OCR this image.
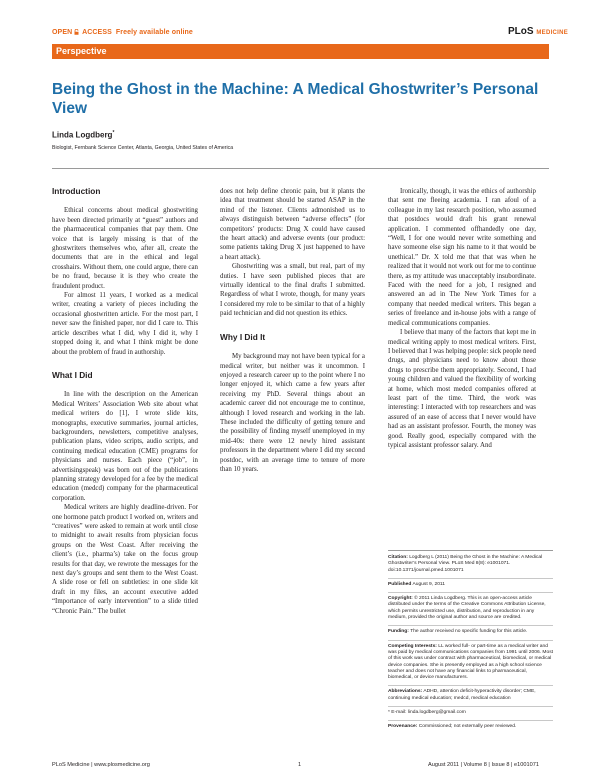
OPEN ACCESS Freely available online	PLoS MEDICINE
Perspective
Being the Ghost in the Machine: A Medical Ghostwriter’s Personal View
Linda Logdberg*
Biologist, Fernbank Science Center, Atlanta, Georgia, United States of America
Introduction

Ethical concerns about medical ghostwriting have been directed primarily at “guest” authors and the pharmaceutical companies that pay them. One voice that is largely missing is that of the ghostwriters themselves who, after all, create the documents that are in the ethical and legal crosshairs. Without them, one could argue, there can be no fraud, because it is they who create the fraudulent product.

For almost 11 years, I worked as a medical writer, creating a variety of pieces including the occasional ghostwritten article. For the most part, I never saw the finished paper, nor did I care to. This article describes what I did, why I did it, why I stopped doing it, and what I think might be done about the problem of fraud in authorship.

What I Did

In line with the description on the American Medical Writers’ Association Web site about what medical writers do [1], I wrote slide kits, monographs, executive summaries, journal articles, backgrounders, newsletters, competitive analyses, publication plans, video scripts, audio scripts, and continuing medical education (CME) programs for physicians and nurses. Each piece (“job”, in advertisingspeak) was born out of the publications planning strategy developed for a fee by the medical education (medcd) company for the pharmaceutical corporation.

Medical writers are highly deadline-driven. For one hormone patch product I worked on, writers and “creatives” were asked to remain at work until close to midnight to await results from physician focus groups on the West Coast. After receiving the client’s (i.e., pharma’s) take on the focus group results for that day, we rewrote the messages for the next day’s groups and sent them to the West Coast. A slide rose or fell on subtleties: in one slide kit draft in my files, an account executive added “Importance of early intervention” to a slide titled “Chronic Pain.” The bullet

does not help define chronic pain, but it plants the idea that treatment should be started ASAP in the mind of the listener. Clients admonished us to always distinguish between “adverse effects” (for competitors’ products: Drug X could have caused the heart attack) and adverse events (our product: some patients taking Drug X just happened to have a heart attack).

Ghostwriting was a small, but real, part of my duties. I have seen published pieces that are virtually identical to the final drafts I submitted. Regardless of what I wrote, though, for many years I considered my role to be similar to that of a highly paid technician and did not question its ethics.

Why I Did It

My background may not have been typical for a medical writer, but neither was it uncommon. I enjoyed a research career up to the point where I no longer enjoyed it, which came a few years after receiving my PhD. Several things about an academic career did not encourage me to continue, although I loved research and working in the lab. These included the difficulty of getting tenure and the possibility of finding myself unemployed in my mid-40s: there were 12 newly hired assistant professors in the department where I did my second postdoc, with an average time to tenure of more than 10 years.

Ironically, though, it was the ethics of authorship that sent me fleeing academia. I ran afoul of a colleague in my last research position, who assumed that postdocs would draft his grant renewal application. I commented offhandedly one day, “Well, I for one would never write something and have someone else sign his name to it that would be unethical.” Dr. X told me that that was when he realized that it would not work out for me to continue there, as my attitude was unacceptably insubordinate. Faced with the need for a job, I resigned and answered an ad in The New York Times for a company that needed medical writers. This began a series of freelance and in-house jobs with a range of medical communications companies.

I believe that many of the factors that kept me in medical writing apply to most medical writers. First, I believed that I was helping people: sick people need drugs, and physicians need to know about those drugs to prescribe them appropriately. Second, I had young children and valued the flexibility of working at home, which most medcd companies offered at least part of the time. Third, the work was interesting: I interacted with top researchers and was assured of an ease of access that I never would have had as an assistant professor. Fourth, the money was good. Really good, especially compared with the typical assistant professor salary. And

Citation: Logdberg L (2011) Being the Ghost in the Machine: A Medical Ghostwriter’s Personal View. PLoS Med 8(8): e1001071. doi:10.1371/journal.pmed.1001071
Published August 9, 2011
Copyright: © 2011 Linda Logdberg. This is an open-access article distributed under the terms of the Creative Commons Attribution License, which permits unrestricted use, distribution, and reproduction in any medium, provided the original author and source are credited.
Funding: The author received no specific funding for this article.
Competing Interests: LL worked full- or part-time as a medical writer and was paid by medical communications companies from 1991 until 2006. Most of this work was under contract with pharmaceutical, biomedical, or medical device companies. She is presently employed as a high school science teacher and does not have any financial links to pharmaceutical, biomedical, or device manufacturers.
Abbreviations: ADHD, attention deficit-hyperactivity disorder; CME, continuing medical education; medcd, medical education
* E-mail: linda.logdberg@gmail.com
Provenance: Commissioned; not externally peer reviewed.
PLoS Medicine | www.plosmedicine.org	1	August 2011 | Volume 8 | Issue 8 | e1001071
